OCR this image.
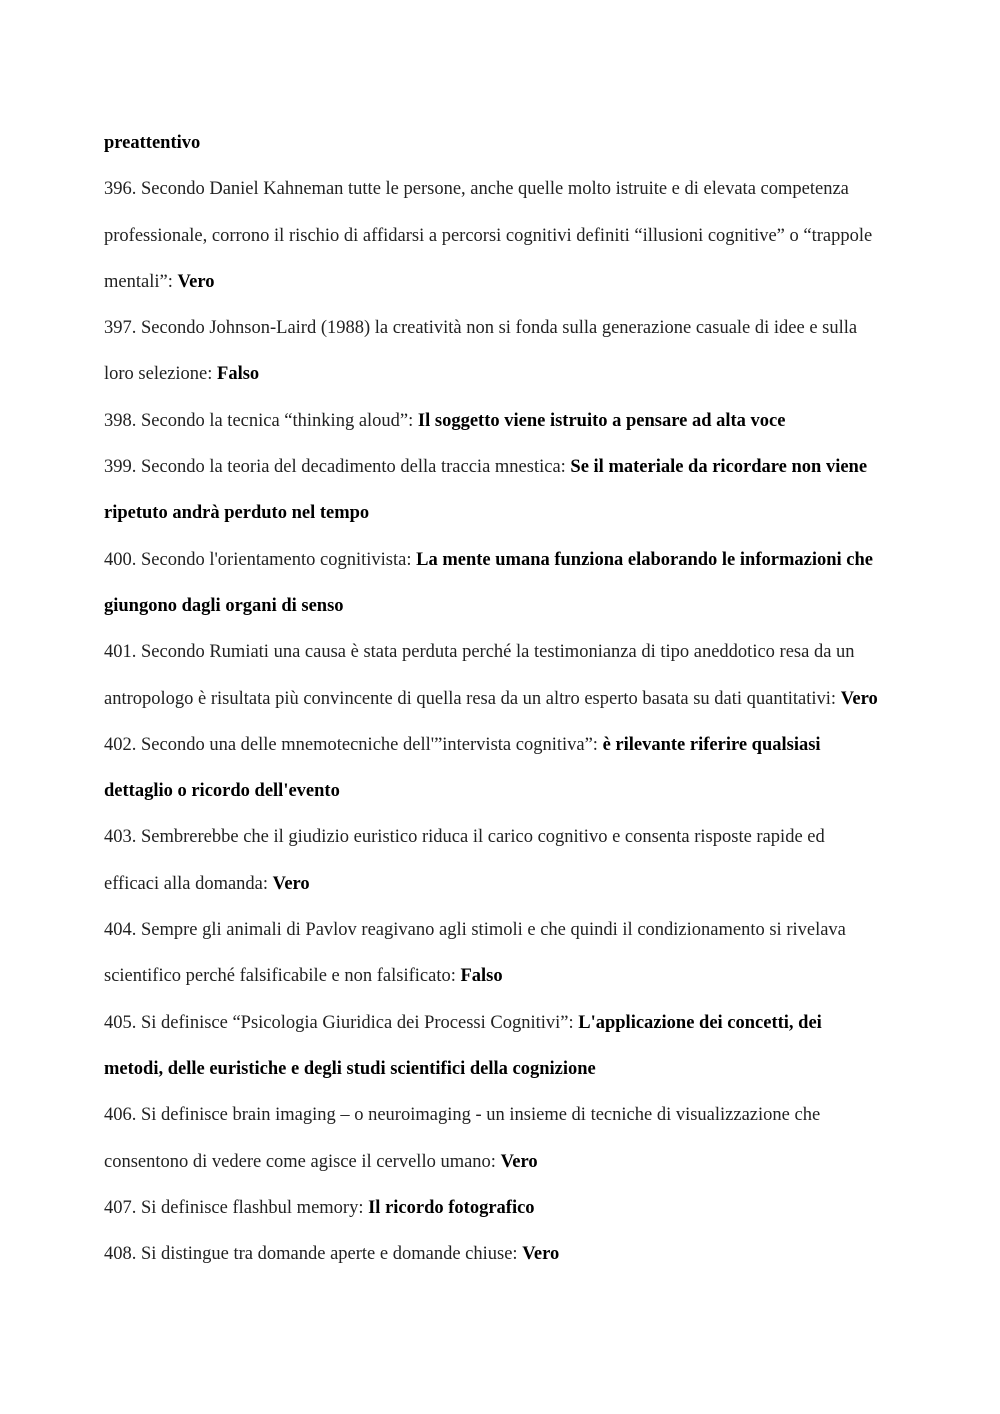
preattentivo

396. Secondo Daniel Kahneman tutte le persone, anche quelle molto istruite e di elevata competenza professionale, corrono il rischio di affidarsi a percorsi cognitivi definiti “illusioni cognitive” o “trappole mentali”: Vero

397. Secondo Johnson-Laird (1988) la creatività non si fonda sulla generazione casuale di idee e sulla loro selezione: Falso

398. Secondo la tecnica “thinking aloud”: Il soggetto viene istruito a pensare ad alta voce

399. Secondo la teoria del decadimento della traccia mnestica: Se il materiale da ricordare non viene ripetuto andrà perduto nel tempo

400. Secondo l'orientamento cognitivista: La mente umana funziona elaborando le informazioni che giungono dagli organi di senso

401. Secondo Rumiati una causa è stata perduta perché la testimonianza di tipo aneddotico resa da un antropologo è risultata più convincente di quella resa da un altro esperto basata su dati quantitativi: Vero

402. Secondo una delle mnemotecniche dell'”intervista cognitiva”: è rilevante riferire qualsiasi dettaglio o ricordo dell'evento

403. Sembrerebbe che il giudizio euristico riduca il carico cognitivo e consenta risposte rapide ed efficaci alla domanda: Vero

404. Sempre gli animali di Pavlov reagivano agli stimoli e che quindi il condizionamento si rivelava scientifico perché falsificabile e non falsificato: Falso

405. Si definisce “Psicologia Giuridica dei Processi Cognitivi”: L'applicazione dei concetti, dei metodi, delle euristiche e degli studi scientifici della cognizione

406. Si definisce brain imaging – o neuroimaging - un insieme di tecniche di visualizzazione che consentono di vedere come agisce il cervello umano: Vero

407. Si definisce flashbul memory: Il ricordo fotografico

408. Si distingue tra domande aperte e domande chiuse: Vero
